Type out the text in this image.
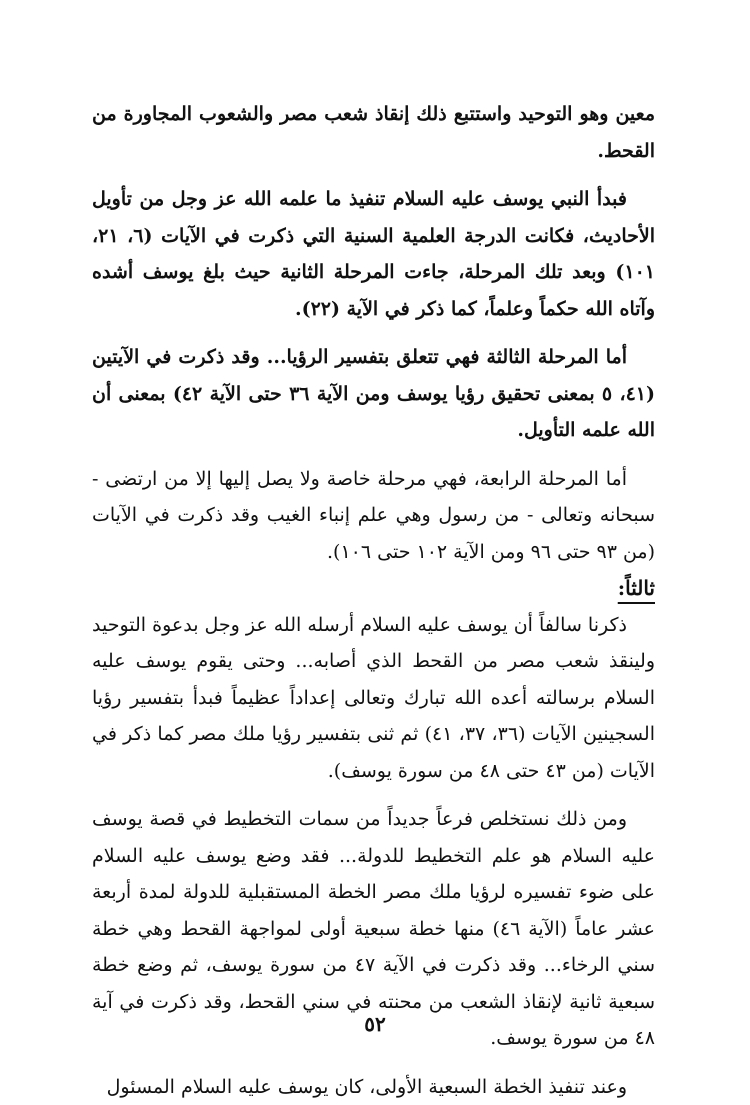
معين وهو التوحيد واستتبع ذلك إنقاذ شعب مصر والشعوب المجاورة من القحط.

فبدأ النبي يوسف عليه السلام تنفيذ ما علمه الله عز وجل من تأويل الأحاديث، فكانت الدرجة العلمية السنية التي ذكرت في الآيات (٦، ٢١، ١٠١) وبعد تلك المرحلة، جاءت المرحلة الثانية حيث بلغ يوسف أشده وآتاه الله حكماً وعلماً، كما ذكر في الآية (٢٢).

أما المرحلة الثالثة فهي تتعلق بتفسير الرؤيا... وقد ذكرت في الآيتين (٤١، ٥ بمعنى تحقيق رؤيا يوسف ومن الآية ٣٦ حتى الآية ٤٢) بمعنى أن الله علمه التأويل.

أما المرحلة الرابعة، فهي مرحلة خاصة ولا يصل إليها إلا من ارتضى - سبحانه وتعالى - من رسول وهي علم إنباء الغيب وقد ذكرت في الآيات (من ٩٣ حتى ٩٦ ومن الآية ١٠٢ حتى ١٠٦).

ثالثاً:

ذكرنا سالفاً أن يوسف عليه السلام أرسله الله عز وجل بدعوة التوحيد ولينقذ شعب مصر من القحط الذي أصابه... وحتى يقوم يوسف عليه السلام برسالته أعده الله تبارك وتعالى إعداداً عظيماً فبدأ بتفسير رؤيا السجينين الآيات (٣٦، ٣٧، ٤١) ثم ثنى بتفسير رؤيا ملك مصر كما ذكر في الآيات (من ٤٣ حتى ٤٨ من سورة يوسف).

ومن ذلك نستخلص فرعاً جديداً من سمات التخطيط في قصة يوسف عليه السلام هو علم التخطيط للدولة... فقد وضع يوسف عليه السلام على ضوء تفسيره لرؤيا ملك مصر الخطة المستقبلية للدولة لمدة أربعة عشر عاماً (الآية ٤٦) منها خطة سبعية أولى لمواجهة القحط وهي خطة سني الرخاء... وقد ذكرت في الآية ٤٧ من سورة يوسف، ثم وضع خطة سبعية ثانية لإنقاذ الشعب من محنته في سني القحط، وقد ذكرت في آية ٤٨ من سورة يوسف.

وعند تنفيذ الخطة السبعية الأولى، كان يوسف عليه السلام المسئول

٥٢
